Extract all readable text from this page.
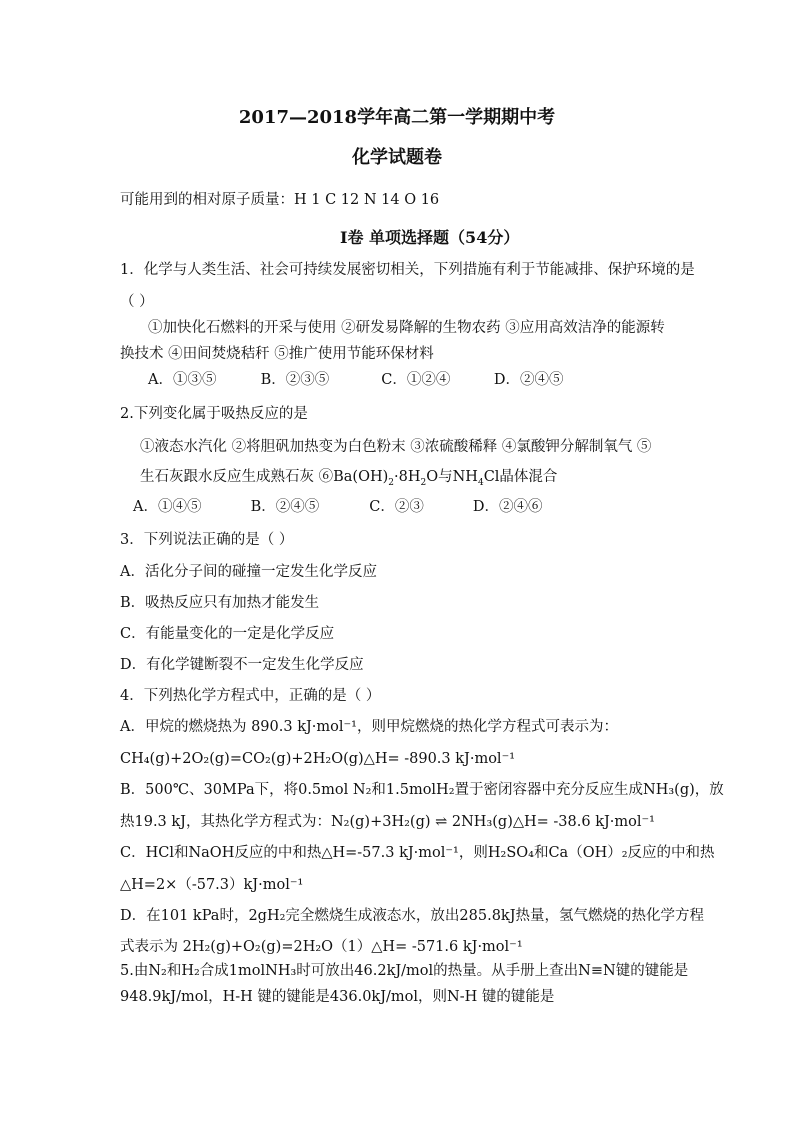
2017—2018学年高二第一学期期中考
化学试题卷
可能用到的相对原子质量：H 1 C 12 N 14 O 16
Ⅰ卷 单项选择题（54分）
1．化学与人类生活、社会可持续发展密切相关，下列措施有利于节能减排、保护环境的是
（ ）
①加快化石燃料的开采与使用 ②研发易降解的生物农药 ③应用高效洁净的能源转
换技术 ④田间焚烧秸秆 ⑤推广使用节能环保材料
A．①③⑤	B．②③⑤	C．①②④	D．②④⑤
2.下列变化属于吸热反应的是
①液态水汽化 ②将胆矾加热变为白色粉末 ③浓硫酸稀释 ④氯酸钾分解制氧气 ⑤
生石灰跟水反应生成熟石灰 $⑥Ba(OH)_2\cdot 8H_2O$与$NH_4Cl$晶体混合
A．①④⑤	B．②④⑤	C．②③	D．②④⑥
3．下列说法正确的是（ ）
A．活化分子间的碰撞一定发生化学反应
B．吸热反应只有加热才能发生
C．有能量变化的一定是化学反应
D．有化学键断裂不一定发生化学反应
4．下列热化学方程式中，正确的是（ ）
A．甲烷的燃烧热为 890.3 kJ·mol⁻¹，则甲烷燃烧的热化学方程式可表示为：
CH₄(g)+2O₂(g)=CO₂(g)+2H₂O(g)△H= -890.3 kJ·mol⁻¹
B．500℃、30MPa下，将0.5mol N₂和1.5molH₂置于密闭容器中充分反应生成NH₃(g)，放
热19.3 kJ，其热化学方程式为：N₂(g)+3H₂(g) ⇌ 2NH₃(g)△H= -38.6 kJ·mol⁻¹
C．HCl和NaOH反应的中和热△H=-57.3 kJ·mol⁻¹，则H₂SO₄和Ca（OH）₂反应的中和热
△H=2×（-57.3）kJ·mol⁻¹
D．在101 kPa时，2gH₂完全燃烧生成液态水，放出285.8kJ热量，氢气燃烧的热化学方程
式表示为 2H₂(g)+O₂(g)=2H₂O（1）△H= -571.6 kJ·mol⁻¹
5.由N₂和H₂合成1molNH₃时可放出46.2kJ/mol的热量。从手册上查出N≡N键的键能是
948.9kJ/mol，H-H 键的键能是436.0kJ/mol，则N-H 键的键能是
